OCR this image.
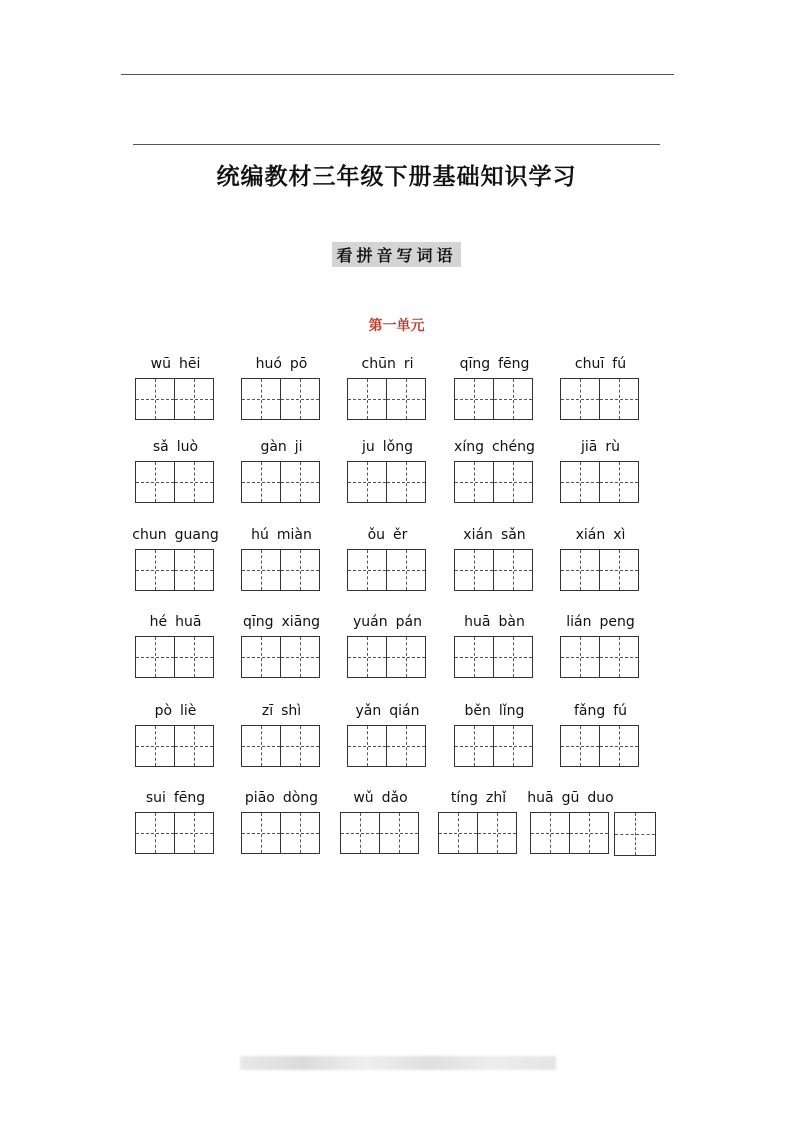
统编教材三年级下册基础知识学习
看拼音写词语
第一单元
wū hēi	huó pō	chūn ri	qīng fēng	chuī fú
sǎ luò	gàn ji	ju lǒng	xíng chéng	jiā rù
chun guang	hú miàn	ǒu ěr	xián sǎn	xián xì
hé huā	qīng xiāng	yuán pán	huā bàn	lián peng
pò liè	zī shì	yǎn qián	běn lǐng	fǎng fú
sui fēng	piāo dòng	wǔ dǎo	tíng zhǐ	huā gū duo
